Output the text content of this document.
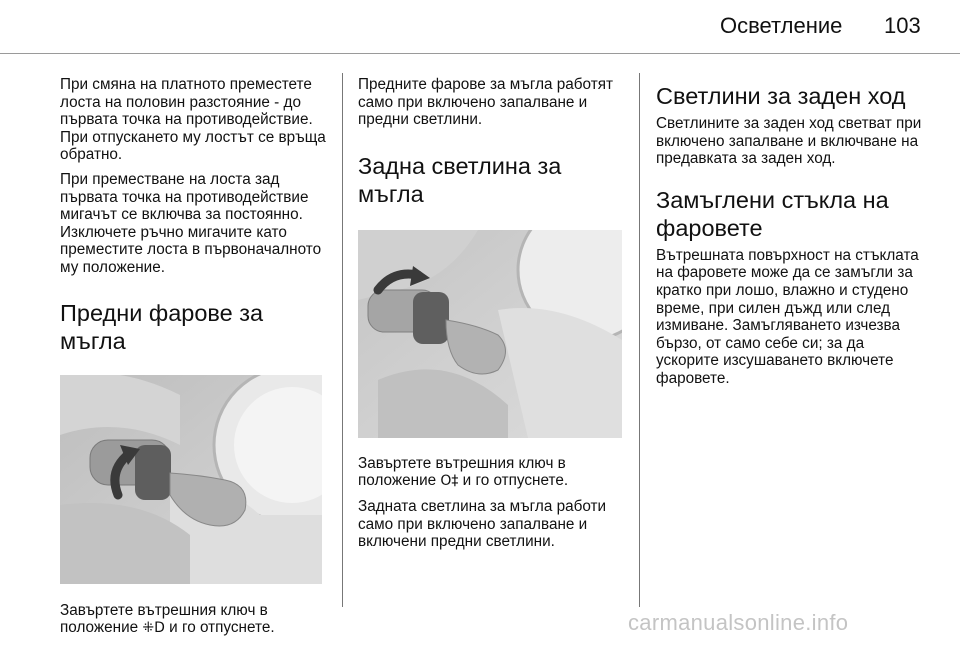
Осветление 103

При смяна на платното преместете лоста на половин разстояние - до първата точка на противодействие. При отпускането му лостът се връща обратно.

При преместване на лоста зад първата точка на противодействие мигачът се включва за постоянно. Изключете ръчно мигачите като преместите лоста в първоначалното му положение.

Предни фарове за мъгла

Завъртете вътрешния ключ в положение ⁜D и го отпуснете.

Предните фарове за мъгла работят само при включено запалване и предни светлини.

Задна светлина за мъгла

Завъртете вътрешния ключ в положение O‡ и го отпуснете.

Задната светлина за мъгла работи само при включено запалване и включени предни светлини.

Светлини за заден ход

Светлините за заден ход светват при включено запалване и включване на предавката за заден ход.

Замъглени стъкла на фаровете

Вътрешната повърхност на стъклата на фаровете може да се замъгли за кратко при лошо, влажно и студено време, при силен дъжд или след измиване. Замъгляването изчезва бързо, от само себе си; за да ускорите изсушаването включете фаровете.

carmanualsonline.info
